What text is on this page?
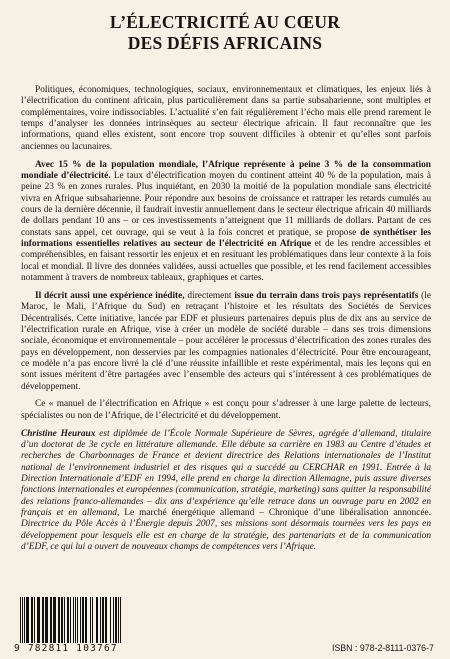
L’ÉLECTRICITÉ AU CŒUR
DES DÉFIS AFRICAINS

Politiques, économiques, technologiques, sociaux, environnementaux et climatiques, les enjeux liés à l’électrification du continent africain, plus particulièrement dans sa partie subsaharienne, sont multiples et complémentaires, voire indissociables. L’actualité s’en fait régulièrement l’écho mais elle prend rarement le temps d’analyser les données intrinsèques au secteur électrique africain. Il faut reconnaître que les informations, quand elles existent, sont encore trop souvent difficiles à obtenir et qu’elles sont parfois anciennes ou lacunaires.

Avec 15 % de la population mondiale, l’Afrique représente à peine 3 % de la consommation mondiale d’électricité. Le taux d’électrification moyen du continent atteint 40 % de la population, mais à peine 23 % en zones rurales. Plus inquiétant, en 2030 la moitié de la population mondiale sans électricité vivra en Afrique subsaharienne. Pour répondre aux besoins de croissance et rattraper les retards cumulés au cours de la dernière décennie, il faudrait investir annuellement dans le secteur électrique africain 40 milliards de dollars pendant 10 ans – or ces investissements n’atteignent que 11 milliards de dollars. Partant de ces constats sans appel, cet ouvrage, qui se veut à la fois concret et pratique, se propose de synthétiser les informations essentielles relatives au secteur de l’électricité en Afrique et de les rendre accessibles et compréhensibles, en faisant ressortir les enjeux et en resituant les problématiques dans leur contexte à la fois local et mondial. Il livre des données validées, aussi actuelles que possible, et les rend facilement accessibles notamment à travers de nombreux tableaux, graphiques et cartes.

Il décrit aussi une expérience inédite, directement issue du terrain dans trois pays représentatifs (le Maroc, le Mali, l’Afrique du Sud) en retraçant l’histoire et les résultats des Sociétés de Services Décentralisés. Cette initiative, lancée par EDF et plusieurs partenaires depuis plus de dix ans au service de l’électrification rurale en Afrique, vise à créer un modèle de société durable – dans ses trois dimensions sociale, économique et environnementale – pour accélérer le processus d’électrification des zones rurales des pays en développement, non desservies par les compagnies nationales d’électricité. Pour être encourageant, ce modèle n’a pas encore livré la clé d’une réussite infaillible et reste expérimental, mais les leçons qui en sont issues méritent d’être partagées avec l’ensemble des acteurs qui s’intéressent à ces problématiques de développement.

Ce « manuel de l’électrification en Afrique » est conçu pour s’adresser à une large palette de lecteurs, spécialistes ou non de l’Afrique, de l’électricité et du développement.

Christine Heuraux est diplômée de l’École Normale Supérieure de Sèvres, agrégée d’allemand, titulaire d’un doctorat de 3e cycle en littérature allemande. Elle débute sa carrière en 1983 au Centre d’études et recherches de Charbonnages de France et devient directrice des Relations internationales de l’Institut national de l’environnement industriel et des risques qui a succédé au CERCHAR en 1991. Entrée à la Direction Internationale d’EDF en 1994, elle prend en charge la direction Allemagne, puis assure diverses fonctions internationales et européennes (communication, stratégie, marketing) sans quitter la responsabilité des relations franco-allemandes – dix ans d’expérience qu’elle retrace dans un ouvrage paru en 2002 en français et en allemand, Le marché énergétique allemand – Chronique d’une libéralisation annoncée. Directrice du Pôle Accès à l’Énergie depuis 2007, ses missions sont désormais tournées vers les pays en développement pour lesquels elle est en charge de la stratégie, des partenariats et de la communication d’EDF, ce qui lui a ouvert de nouveaux champs de compétences vers l’Afrique.

9 782811 103767	ISBN : 978-2-8111-0376-7
